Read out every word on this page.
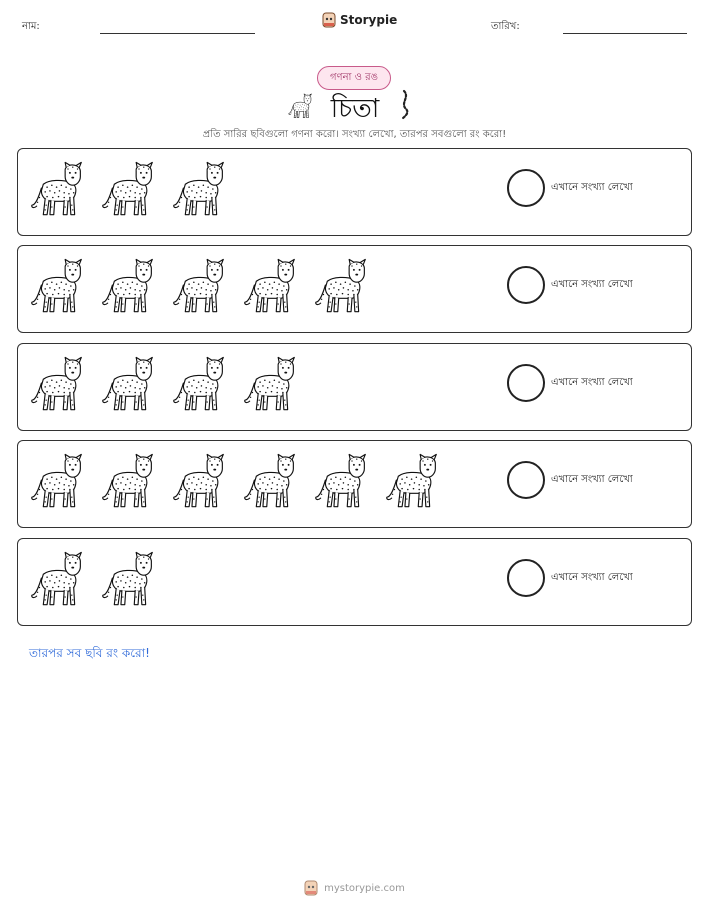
নাম:	Storypie	তারিখ:
গণনা ও রঙ
চিতা
প্রতি সারির ছবিগুলো গণনা করো। সংখ্যা লেখো, তারপর সবগুলো রং করো!
এখানে সংখ্যা লেখো
এখানে সংখ্যা লেখো
এখানে সংখ্যা লেখো
এখানে সংখ্যা লেখো
এখানে সংখ্যা লেখো
তারপর সব ছবি রং করো!
mystorypie.com
